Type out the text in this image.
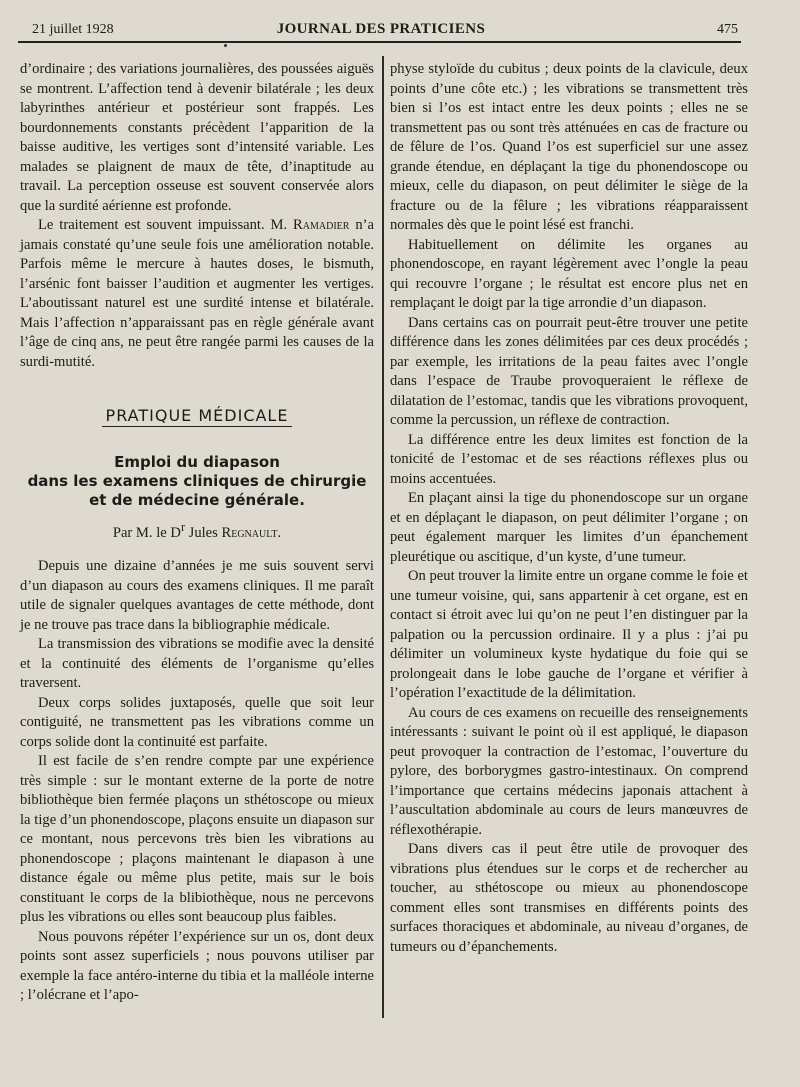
21 juillet 1928	JOURNAL DES PRATICIENS	475

d’ordinaire ; des variations journalières, des poussées aiguës se montrent. L’affection tend à devenir bilatérale ; les deux labyrinthes antérieur et postérieur sont frappés. Les bourdonnements constants précèdent l’apparition de la baisse auditive, les vertiges sont d’intensité variable. Les malades se plaignent de maux de tête, d’inaptitude au travail. La perception osseuse est souvent conservée alors que la surdité aérienne est profonde.

Le traitement est souvent impuissant. M. Ramadier n’a jamais constaté qu’une seule fois une amélioration notable. Parfois même le mercure à hautes doses, le bismuth, l’arsénic font baisser l’audition et augmenter les vertiges. L’aboutissant naturel est une surdité intense et bilatérale. Mais l’affection n’apparaissant pas en règle générale avant l’âge de cinq ans, ne peut être rangée parmi les causes de la surdi-mutité.

PRATIQUE MÉDICALE
Emploi du diapason
dans les examens cliniques de chirurgie
et de médecine générale.
Par M. le $D^r$ Jules Regnault.

Depuis une dizaine d’années je me suis souvent servi d’un diapason au cours des examens cliniques. Il me paraît utile de signaler quelques avantages de cette méthode, dont je ne trouve pas trace dans la bibliographie médicale.

La transmission des vibrations se modifie avec la densité et la continuité des éléments de l’organisme qu’elles traversent.

Deux corps solides juxtaposés, quelle que soit leur contiguité, ne transmettent pas les vibrations comme un corps solide dont la continuité est parfaite.

Il est facile de s’en rendre compte par une expérience très simple : sur le montant externe de la porte de notre bibliothèque bien fermée plaçons un sthétoscope ou mieux la tige d’un phonendoscope, plaçons ensuite un diapason sur ce montant, nous percevons très bien les vibrations au phonendoscope ; plaçons maintenant le diapason à une distance égale ou même plus petite, mais sur le bois constituant le corps de la blibiothèque, nous ne percevons plus les vibrations ou elles sont beaucoup plus faibles.

Nous pouvons répéter l’expérience sur un os, dont deux points sont assez superficiels ; nous pouvons utiliser par exemple la face antéro-interne du tibia et la malléole interne ; l’olécrane et l’apo-

physe styloïde du cubitus ; deux points de la clavicule, deux points d’une côte etc.) ; les vibrations se transmettent très bien si l’os est intact entre les deux points ; elles ne se transmettent pas ou sont très atténuées en cas de fracture ou de fêlure de l’os. Quand l’os est superficiel sur une assez grande étendue, en déplaçant la tige du phonendoscope ou mieux, celle du diapason, on peut délimiter le siège de la fracture ou de la fêlure ; les vibrations réapparaissent normales dès que le point lésé est franchi.

Habituellement on délimite les organes au phonendoscope, en rayant légèrement avec l’ongle la peau qui recouvre l’organe ; le résultat est encore plus net en remplaçant le doigt par la tige arrondie d’un diapason.

Dans certains cas on pourrait peut-être trouver une petite différence dans les zones délimitées par ces deux procédés ; par exemple, les irritations de la peau faites avec l’ongle dans l’espace de Traube provoqueraient le réflexe de dilatation de l’estomac, tandis que les vibrations provoquent, comme la percussion, un réflexe de contraction.

La différence entre les deux limites est fonction de la tonicité de l’estomac et de ses réactions réflexes plus ou moins accentuées.

En plaçant ainsi la tige du phonendoscope sur un organe et en déplaçant le diapason, on peut délimiter l’organe ; on peut également marquer les limites d’un épanchement pleurétique ou ascitique, d’un kyste, d’une tumeur.

On peut trouver la limite entre un organe comme le foie et une tumeur voisine, qui, sans appartenir à cet organe, est en contact si étroit avec lui qu’on ne peut l’en distinguer par la palpation ou la percussion ordinaire. Il y a plus : j’ai pu délimiter un volumineux kyste hydatique du foie qui se prolongeait dans le lobe gauche de l’organe et vérifier à l’opération l’exactitude de la délimitation.

Au cours de ces examens on recueille des renseignements intéressants : suivant le point où il est appliqué, le diapason peut provoquer la contraction de l’estomac, l’ouverture du pylore, des borborygmes gastro-intestinaux. On comprend l’importance que certains médecins japonais attachent à l’auscultation abdominale au cours de leurs manœuvres de réflexothérapie.

Dans divers cas il peut être utile de provoquer des vibrations plus étendues sur le corps et de rechercher au toucher, au sthétoscope ou mieux au phonendoscope comment elles sont transmises en différents points des surfaces thoraciques et abdominale, au niveau d’organes, de tumeurs ou d’épanchements.
